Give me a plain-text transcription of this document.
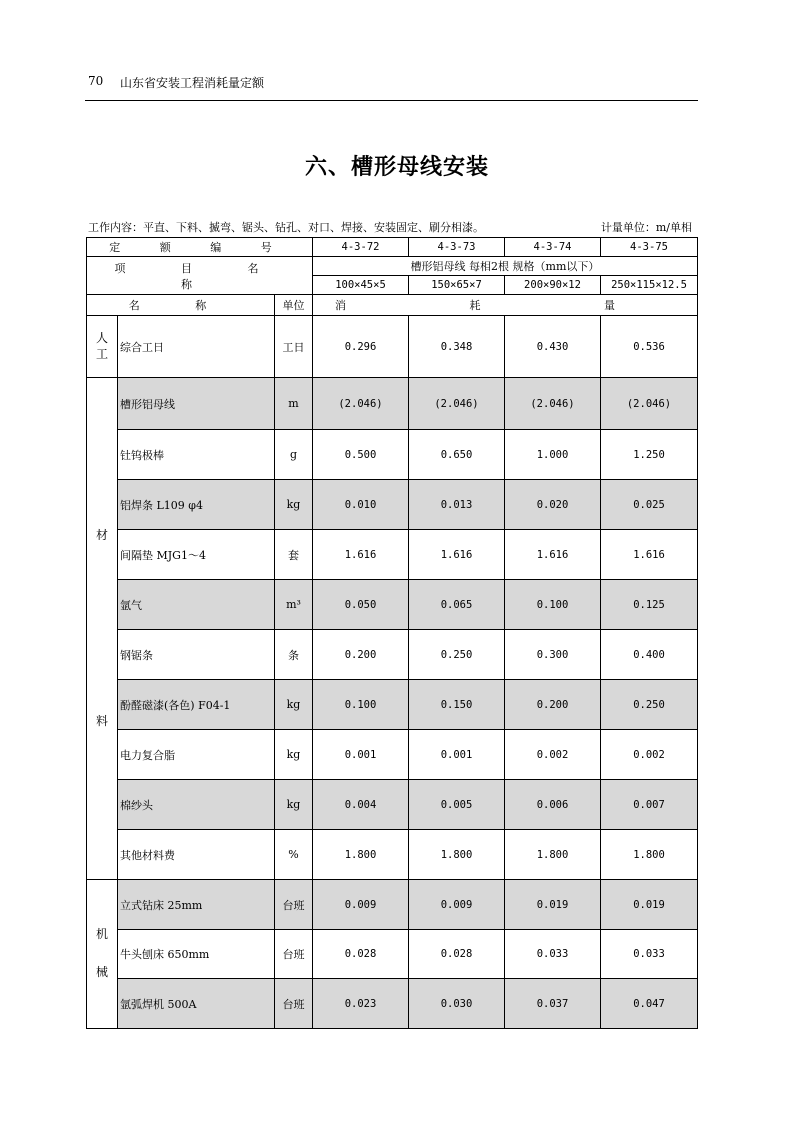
70 山东省安装工程消耗量定额
六、槽形母线安装
工作内容：平直、下料、揻弯、锯头、钻孔、对口、焊接、安装固定、刷分相漆。	计量单位：m/单相
定 额 编 号			4-3-72	4-3-73	4-3-74	4-3-75
项 目 名 称			槽形铝母线 每相2根 规格（mm以下）			
			100×45×5	150×65×7	200×90×12	250×115×12.5
名 称		单位	消 耗 量			
人工	综合工日	工日	0.296	0.348	0.430	0.536

材
料	槽形铝母线	m	(2.046)	(2.046)	(2.046)	(2.046)
	钍钨极棒	g	0.500	0.650	1.000	1.250
	铝焊条 L109 φ4	kg	0.010	0.013	0.020	0.025
	间隔垫 MJG1～4	套	1.616	1.616	1.616	1.616
	氩气	m³	0.050	0.065	0.100	0.125
	钢锯条	条	0.200	0.250	0.300	0.400
	酚醛磁漆(各色) F04-1	kg	0.100	0.150	0.200	0.250
	电力复合脂	kg	0.001	0.001	0.002	0.002
	棉纱头	kg	0.004	0.005	0.006	0.007
	其他材料费	%	1.800	1.800	1.800	1.800

机
械	立式钻床 25mm	台班	0.009	0.009	0.019	0.019
	牛头刨床 650mm	台班	0.028	0.028	0.033	0.033
	氩弧焊机 500A	台班	0.023	0.030	0.037	0.047
